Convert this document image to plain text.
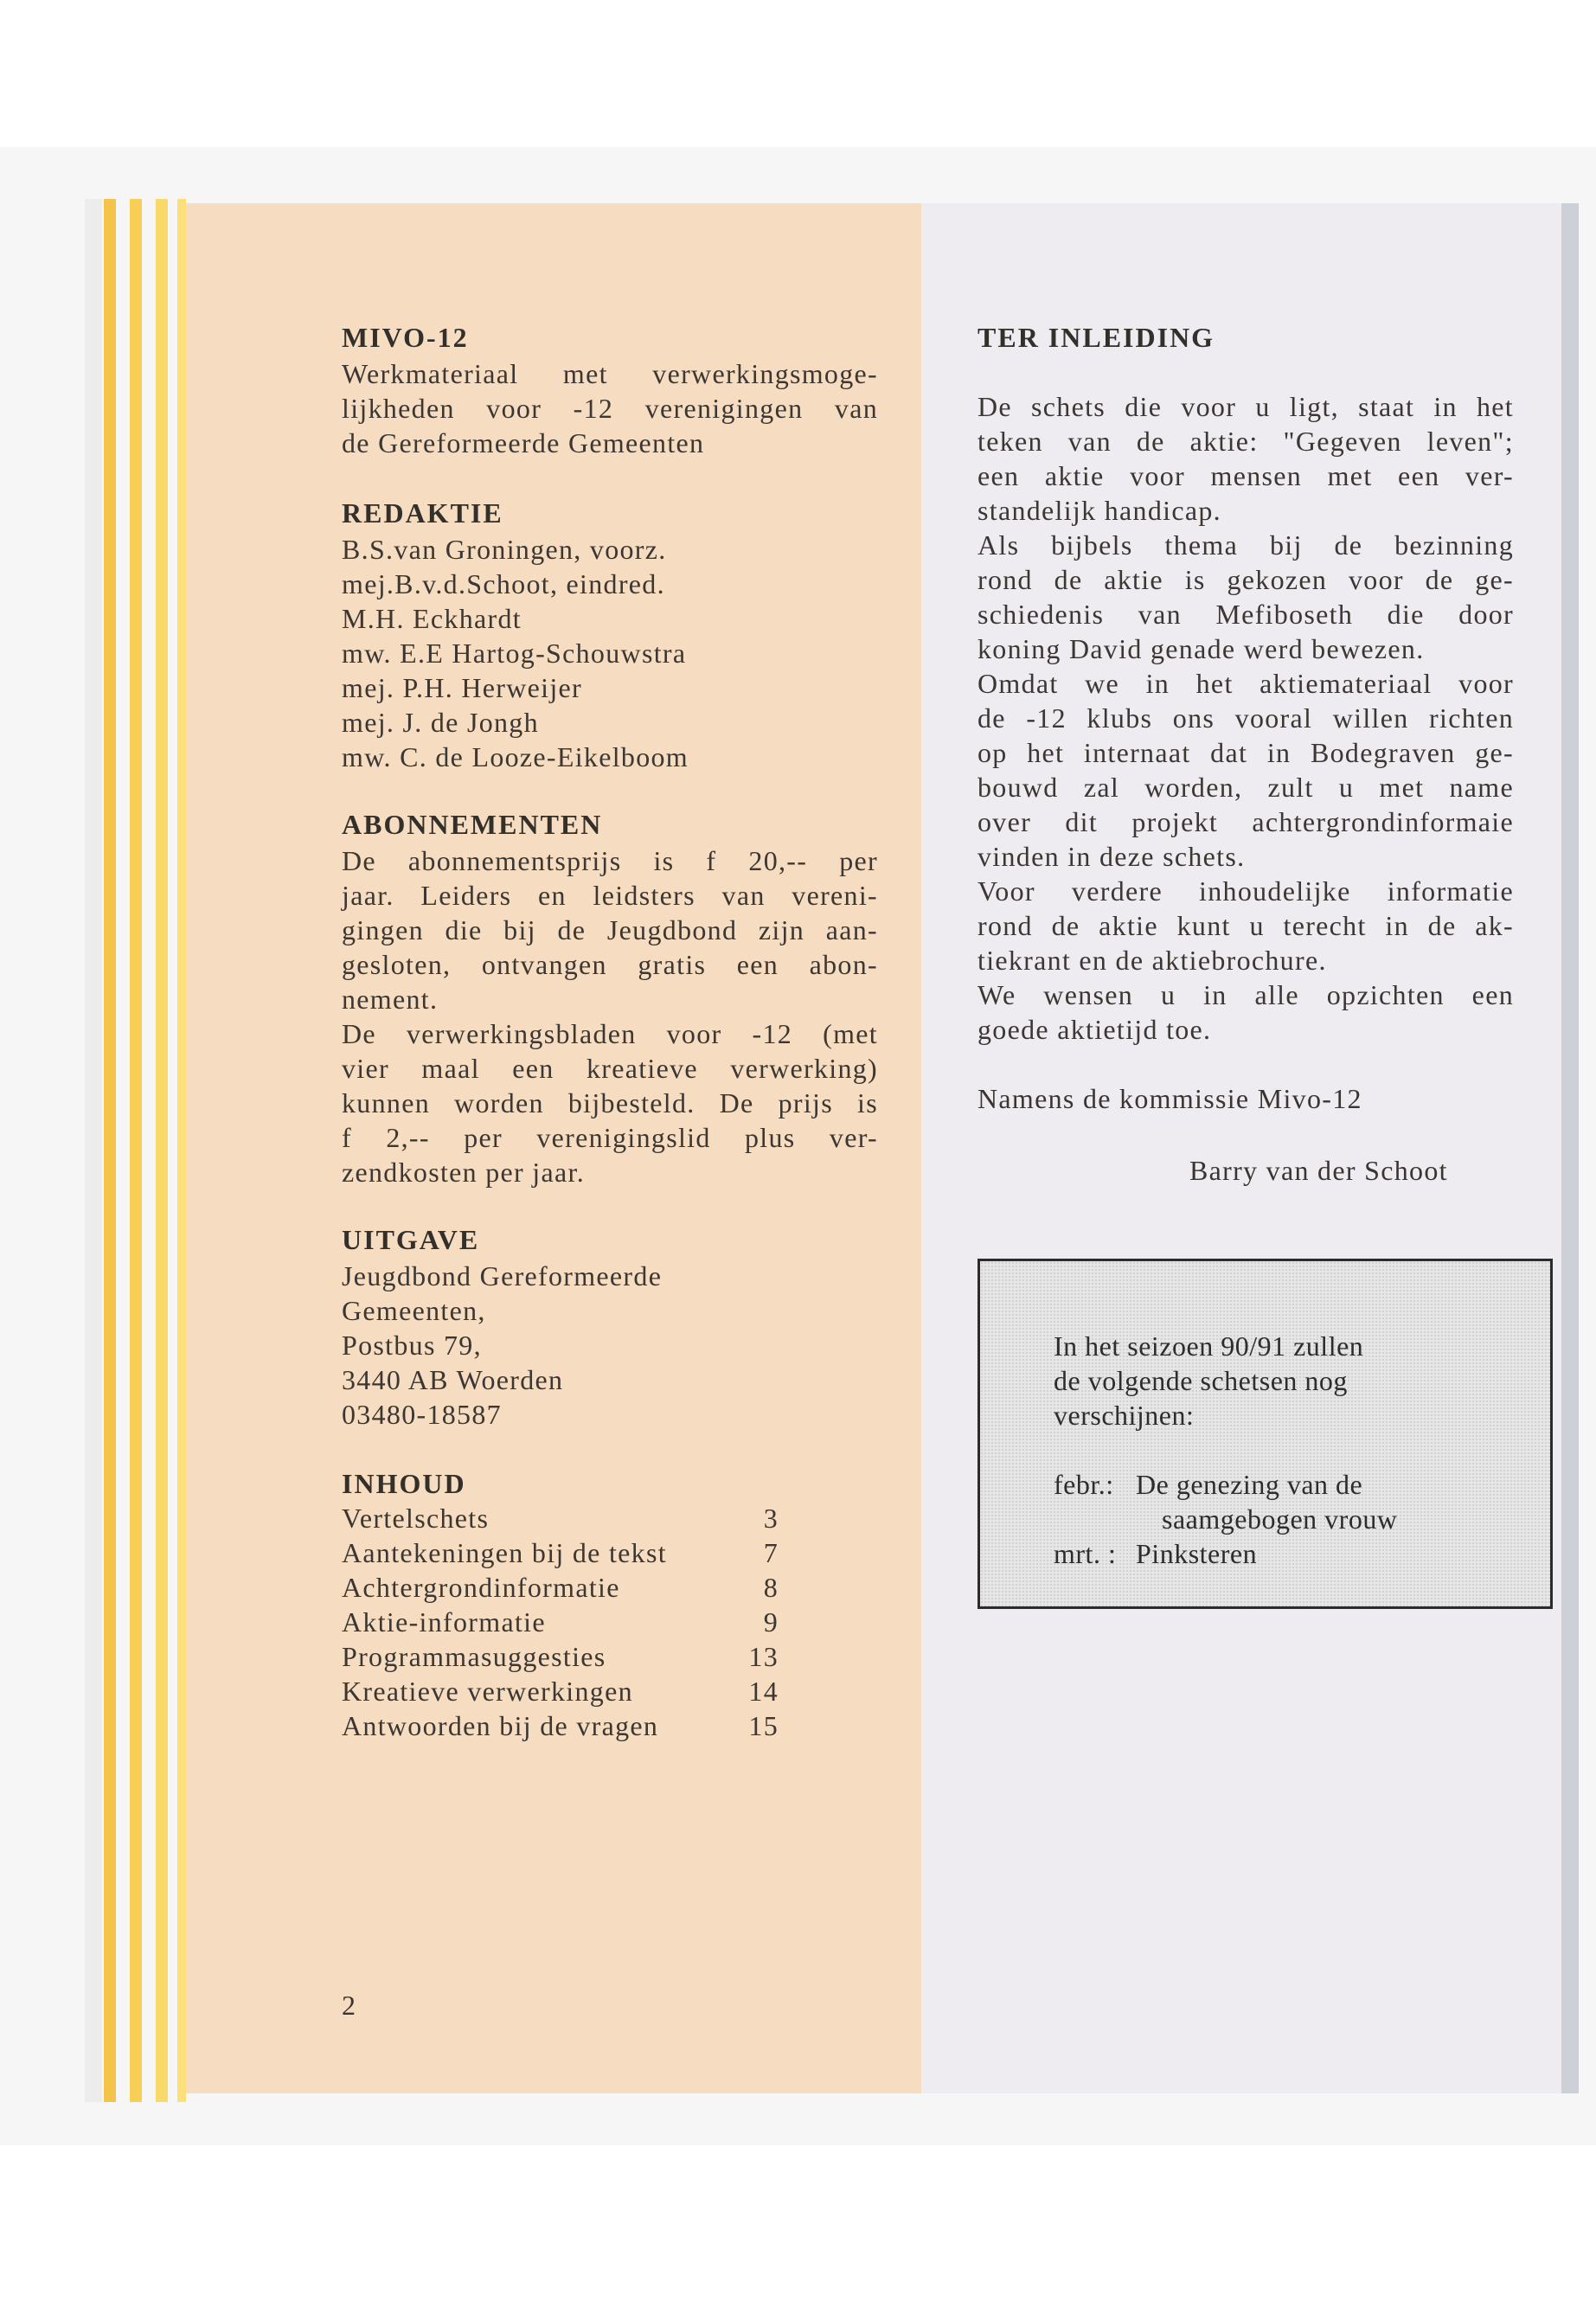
MIVO-12
Werkmateriaal met verwerkingsmoge-
lijkheden voor -12 verenigingen van
de Gereformeerde Gemeenten
REDAKTIE
B.S.van Groningen, voorz.
mej.B.v.d.Schoot, eindred.
M.H. Eckhardt
mw. E.E Hartog-Schouwstra
mej. P.H. Herweijer
mej. J. de Jongh
mw. C. de Looze-Eikelboom
ABONNEMENTEN
De abonnementsprijs is f 20,-- per
jaar. Leiders en leidsters van vereni-
gingen die bij de Jeugdbond zijn aan-
gesloten, ontvangen gratis een abon-
nement.
De verwerkingsbladen voor -12 (met
vier maal een kreatieve verwerking)
kunnen worden bijbesteld. De prijs is
f 2,-- per verenigingslid plus ver-
zendkosten per jaar.
UITGAVE
Jeugdbond Gereformeerde
Gemeenten,
Postbus 79,
3440 AB Woerden
03480-18587
INHOUD
Vertelschets	3
Aantekeningen bij de tekst	7
Achtergrondinformatie	8
Aktie-informatie	9
Programmasuggesties	13
Kreatieve verwerkingen	14
Antwoorden bij de vragen	15
2
TER INLEIDING
De schets die voor u ligt, staat in het
teken van de aktie: "Gegeven leven";
een aktie voor mensen met een ver-
standelijk handicap.
Als bijbels thema bij de bezinning
rond de aktie is gekozen voor de ge-
schiedenis van Mefiboseth die door
koning David genade werd bewezen.
Omdat we in het aktiemateriaal voor
de -12 klubs ons vooral willen richten
op het internaat dat in Bodegraven ge-
bouwd zal worden, zult u met name
over dit projekt achtergrondinformaie
vinden in deze schets.
Voor verdere inhoudelijke informatie
rond de aktie kunt u terecht in de ak-
tiekrant en de aktiebrochure.
We wensen u in alle opzichten een
goede aktietijd toe.
Namens de kommissie Mivo-12
Barry van der Schoot
In het seizoen 90/91 zullen
de volgende schetsen nog
verschijnen:
febr.: De genezing van de
saamgebogen vrouw
mrt. : Pinksteren
